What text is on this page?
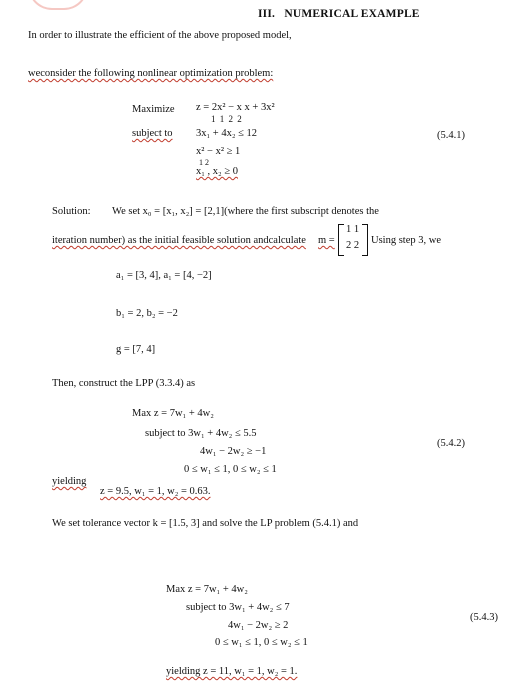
III. NUMERICAL EXAMPLE
In order to illustrate the efficient of the above proposed model,
weconsider the following nonlinear optimization problem:
Maximize z = 2x² − x x + 3x²
1 1 2 2
subject to 3x₁ + 4x₂ ≤ 12
x² − x² ≥ 1
1 2
x₁ , x₂ ≥ 0
(5.4.1)
Solution: We set x₀ = [x₁, x₂] = [2,1](where the first subscript denotes the
iteration number) as the initial feasible solution andcalculate m =
1 1
2 2 Using step 3, we
a₁ = [3, 4], a₁ = [4, −2]
b₁ = 2, b₂ = −2
g = [7, 4]
Then, construct the LPP (3.3.4) as
Max z = 7w₁ + 4w₂
subject to 3w₁ + 4w₂ ≤ 5.5
4w₁ − 2w₂ ≥ −1
0 ≤ w₁ ≤ 1, 0 ≤ w₂ ≤ 1
(5.4.2)
yielding
z = 9.5, w₁ = 1, w₂ = 0.63.
We set tolerance vector k = [1.5, 3] and solve the LP problem (5.4.1) and
Max z = 7w₁ + 4w₂
subject to 3w₁ + 4w₂ ≤ 7
4w₁ − 2w₂ ≥ 2
0 ≤ w₁ ≤ 1, 0 ≤ w₂ ≤ 1
(5.4.3)
yielding z = 11, w₁ = 1, w₂ = 1.
